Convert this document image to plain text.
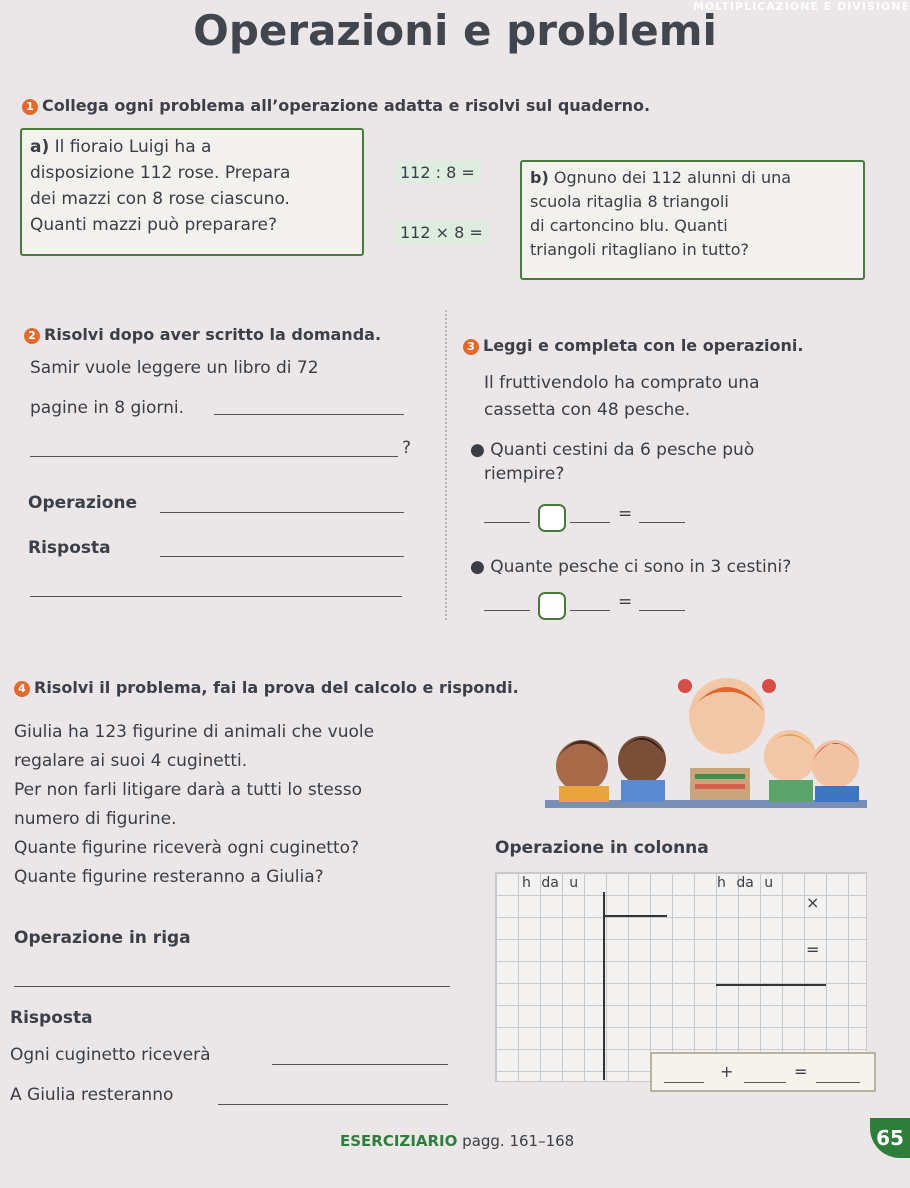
MOLTIPLICAZIONE E DIVISIONE
Operazioni e problemi
1 Collega ogni problema all’operazione adatta e risolvi sul quaderno.
a) Il fioraio Luigi ha a
disposizione 112 rose. Prepara
dei mazzi con 8 rose ciascuno.
Quanti mazzi può preparare?
112 : 8 =
112 × 8 =
b) Ognuno dei 112 alunni di una
scuola ritaglia 8 triangoli
di cartoncino blu. Quanti
triangoli ritagliano in tutto?
2 Risolvi dopo aver scritto la domanda.
Samir vuole leggere un libro di 72
pagine in 8 giorni.
?
Operazione
Risposta
3 Leggi e completa con le operazioni.
Il fruttivendolo ha comprato una
cassetta con 48 pesche.
● Quanti cestini da 6 pesche può
riempire?
=
● Quante pesche ci sono in 3 cestini?
=
4 Risolvi il problema, fai la prova del calcolo e rispondi.
Giulia ha 123 figurine di animali che vuole
regalare ai suoi 4 cuginetti.
Per non farli litigare darà a tutti lo stesso
numero di figurine.
Quante figurine riceverà ogni cuginetto?
Quante figurine resteranno a Giulia?
Operazione in colonna
h da u	h da u
×
=
+	=
Operazione in riga
Risposta
Ogni cuginetto riceverà
A Giulia resteranno
ESERCIZIARIO pagg. 161–168	65
